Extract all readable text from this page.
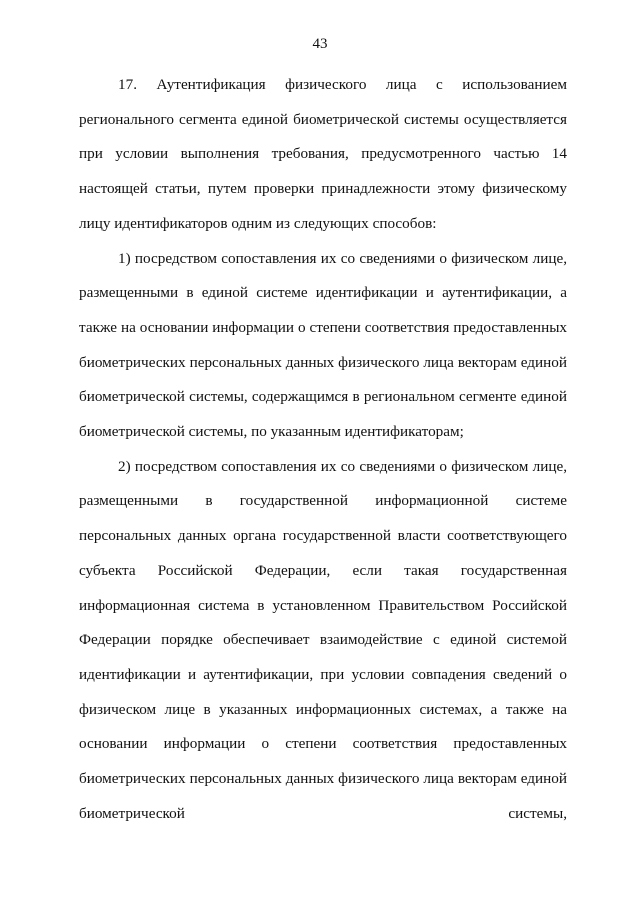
43

17. Аутентификация физического лица с использованием регионального сегмента единой биометрической системы осуществляется при условии выполнения требования, предусмотренного частью 14 настоящей статьи, путем проверки принадлежности этому физическому лицу идентификаторов одним из следующих способов:

1) посредством сопоставления их со сведениями о физическом лице, размещенными в единой системе идентификации и аутентификации, а также на основании информации о степени соответствия предоставленных биометрических персональных данных физического лица векторам единой биометрической системы, содержащимся в региональном сегменте единой биометрической системы, по указанным идентификаторам;

2) посредством сопоставления их со сведениями о физическом лице, размещенными в государственной информационной системе персональных данных органа государственной власти соответствующего субъекта Российской Федерации, если такая государственная информационная система в установленном Правительством Российской Федерации порядке обеспечивает взаимодействие с единой системой идентификации и аутентификации, при условии совпадения сведений о физическом лице в указанных информационных системах, а также на основании информации о степени соответствия предоставленных биометрических персональных данных физического лица векторам единой биометрической системы,
